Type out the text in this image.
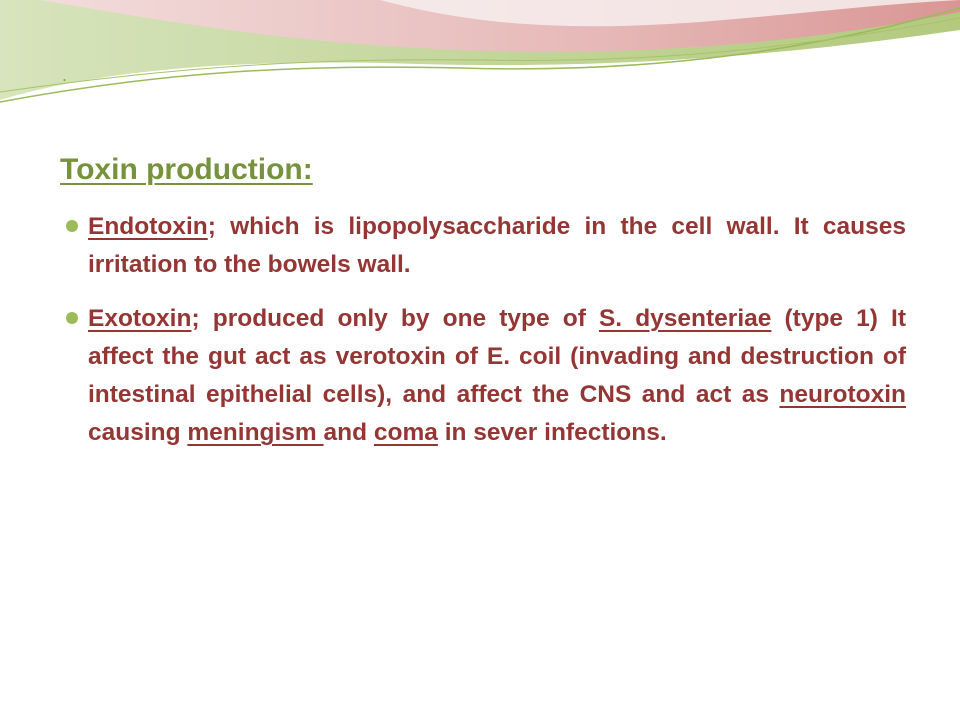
.
Toxin production:
Endotoxin; which is lipopolysaccharide in the cell wall. It causes irritation to the bowels wall.
Exotoxin; produced only by one type of S. dysenteriae (type 1) It affect the gut act as verotoxin of E. coil (invading and destruction of intestinal epithelial cells), and affect the CNS and act as neurotoxin causing meningism and coma in sever infections.
